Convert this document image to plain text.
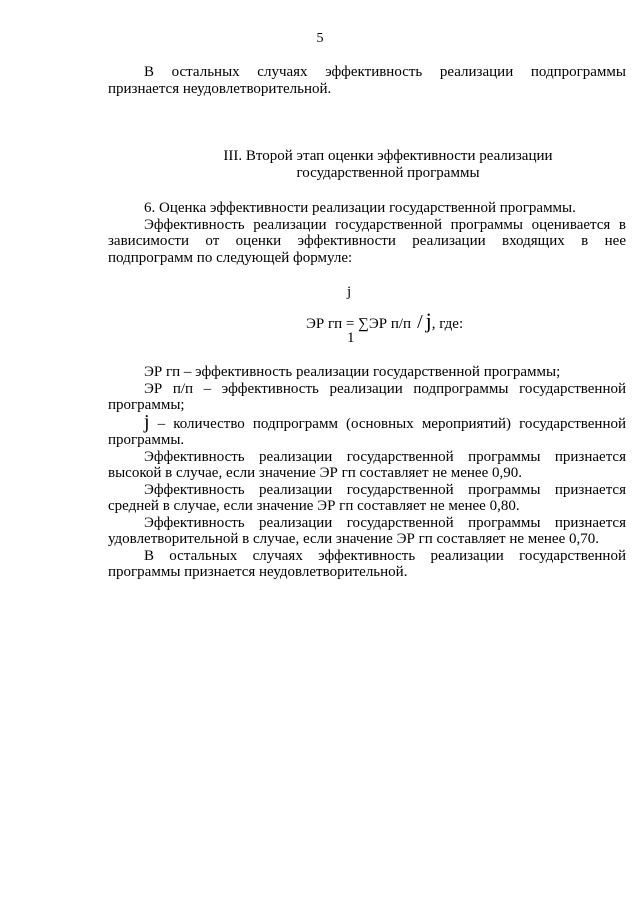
5

В остальных случаях эффективность реализации подпрограммы признается неудовлетворительной.

III. Второй этап оценки эффективности реализации
государственной программы

6. Оценка эффективности реализации государственной программы.

Эффективность реализации государственной программы оценивается в зависимости от оценки эффективности реализации входящих в нее подпрограмм по следующей формуле:

j
ЭР гп = ∑ЭР п/п / j, где:
1

ЭР гп – эффективность реализации государственной программы;

ЭР п/п – эффективность реализации подпрограммы государственной программы;

j – количество подпрограмм (основных мероприятий) государственной программы.

Эффективность реализации государственной программы признается высокой в случае, если значение ЭР гп составляет не менее 0,90.

Эффективность реализации государственной программы признается средней в случае, если значение ЭР гп составляет не менее 0,80.

Эффективность реализации государственной программы признается удовлетворительной в случае, если значение ЭР гп составляет не менее 0,70.

В остальных случаях эффективность реализации государственной программы признается неудовлетворительной.
